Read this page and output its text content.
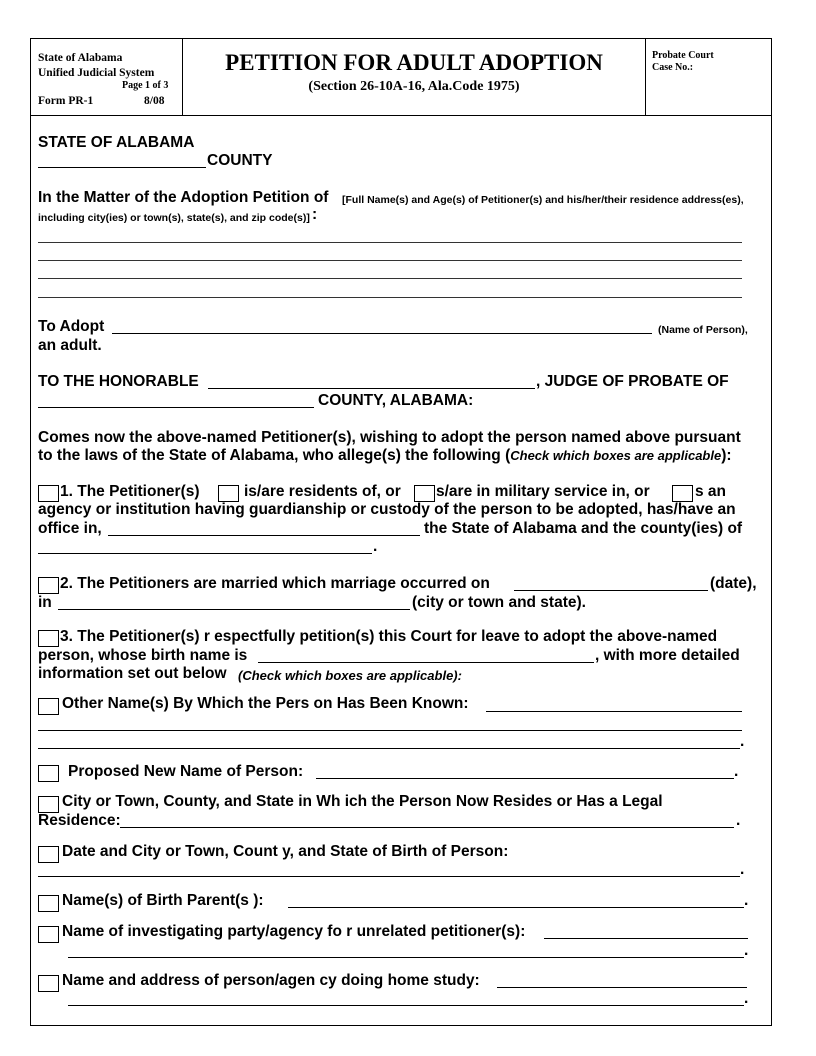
State of Alabama
Unified Judicial System
Page 1 of 3
Form PR-1	8/08
PETITION FOR ADULT ADOPTION
(Section 26-10A-16, Ala.Code 1975)
Probate Court
Case No.:
STATE OF ALABAMA
COUNTY
In the Matter of the Adoption Petition of [Full Name(s) and Age(s) of Petitioner(s) and his/her/their residence address(es),
including city(ies) or town(s), state(s), and zip code(s)] :
To Adopt	(Name of Person),
an adult.
TO THE HONORABLE	, JUDGE OF PROBATE OF
COUNTY, ALABAMA:
Comes now the above-named Petitioner(s), wishing to adopt the person named above pursuant
to the laws of the State of Alabama, who allege(s) the following (Check which boxes are applicable):
1. The Petitioner(s)	is/are residents of, or s/are in military service in, or	s an
agency or institution having guardianship or custody of the person to be adopted, has/have an
office in,	the State of Alabama and the county(ies) of
.
2. The Petitioners are married which marriage occurred on	(date),
in	(city or town and state).
3. The Petitioner(s) r espectfully petition(s) this Court for leave to adopt the above-named
person, whose birth name is	, with more detailed
information set out below (Check which boxes are applicable):
Other Name(s) By Which the Pers on Has Been Known:
.
Proposed New Name of Person:	.
City or Town, County, and State in Wh ich the Person Now Resides or Has a Legal
Residence:	.
Date and City or Town, Count y, and State of Birth of Person:
.
Name(s) of Birth Parent(s ):	.
Name of investigating party/agency fo r unrelated petitioner(s):
.
Name and address of person/agen cy doing home study:
.
